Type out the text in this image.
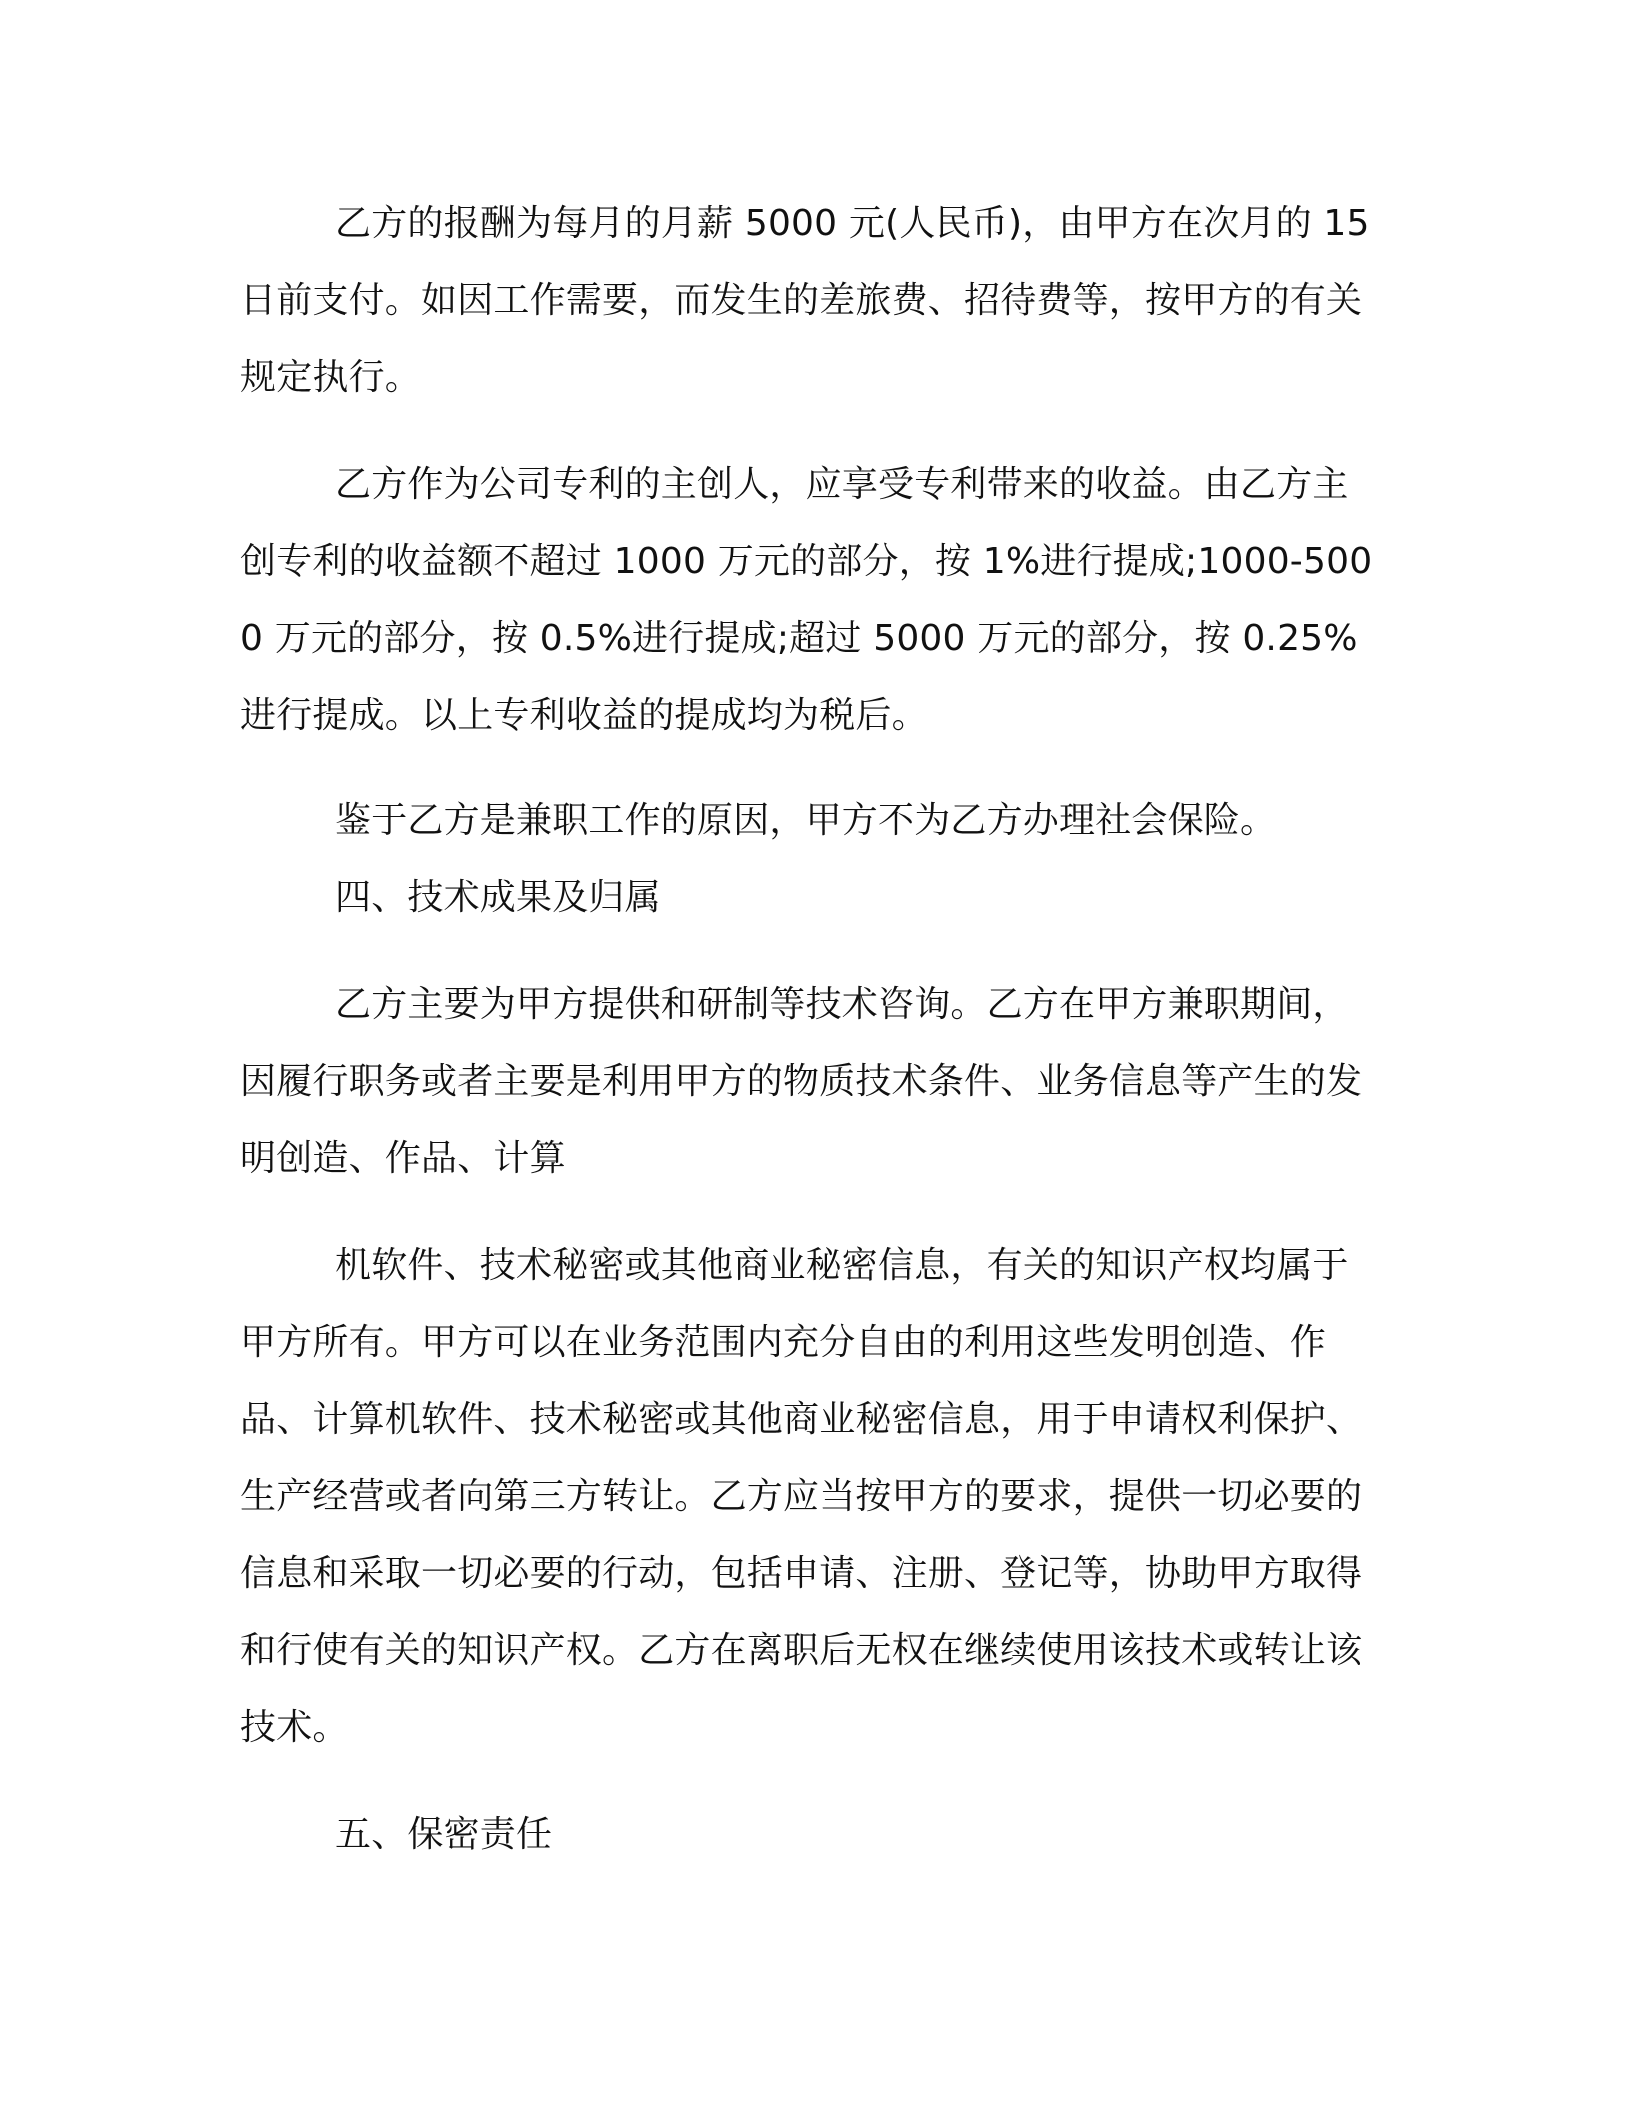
乙方的报酬为每月的月薪 5000 元(人民币)，由甲方在次月的 15 日前支付。如因工作需要，而发生的差旅费、招待费等，按甲方的有关规定执行。

乙方作为公司专利的主创人，应享受专利带来的收益。由乙方主创专利的收益额不超过 1000 万元的部分，按 1%进行提成;1000-5000 万元的部分，按 0.5%进行提成;超过 5000 万元的部分，按 0.25%进行提成。以上专利收益的提成均为税后。

鉴于乙方是兼职工作的原因，甲方不为乙方办理社会保险。

四、技术成果及归属

乙方主要为甲方提供和研制等技术咨询。乙方在甲方兼职期间，因履行职务或者主要是利用甲方的物质技术条件、业务信息等产生的发明创造、作品、计算

机软件、技术秘密或其他商业秘密信息，有关的知识产权均属于甲方所有。甲方可以在业务范围内充分自由的利用这些发明创造、作品、计算机软件、技术秘密或其他商业秘密信息，用于申请权利保护、生产经营或者向第三方转让。乙方应当按甲方的要求，提供一切必要的信息和采取一切必要的行动，包括申请、注册、登记等，协助甲方取得和行使有关的知识产权。乙方在离职后无权在继续使用该技术或转让该技术。

五、保密责任
